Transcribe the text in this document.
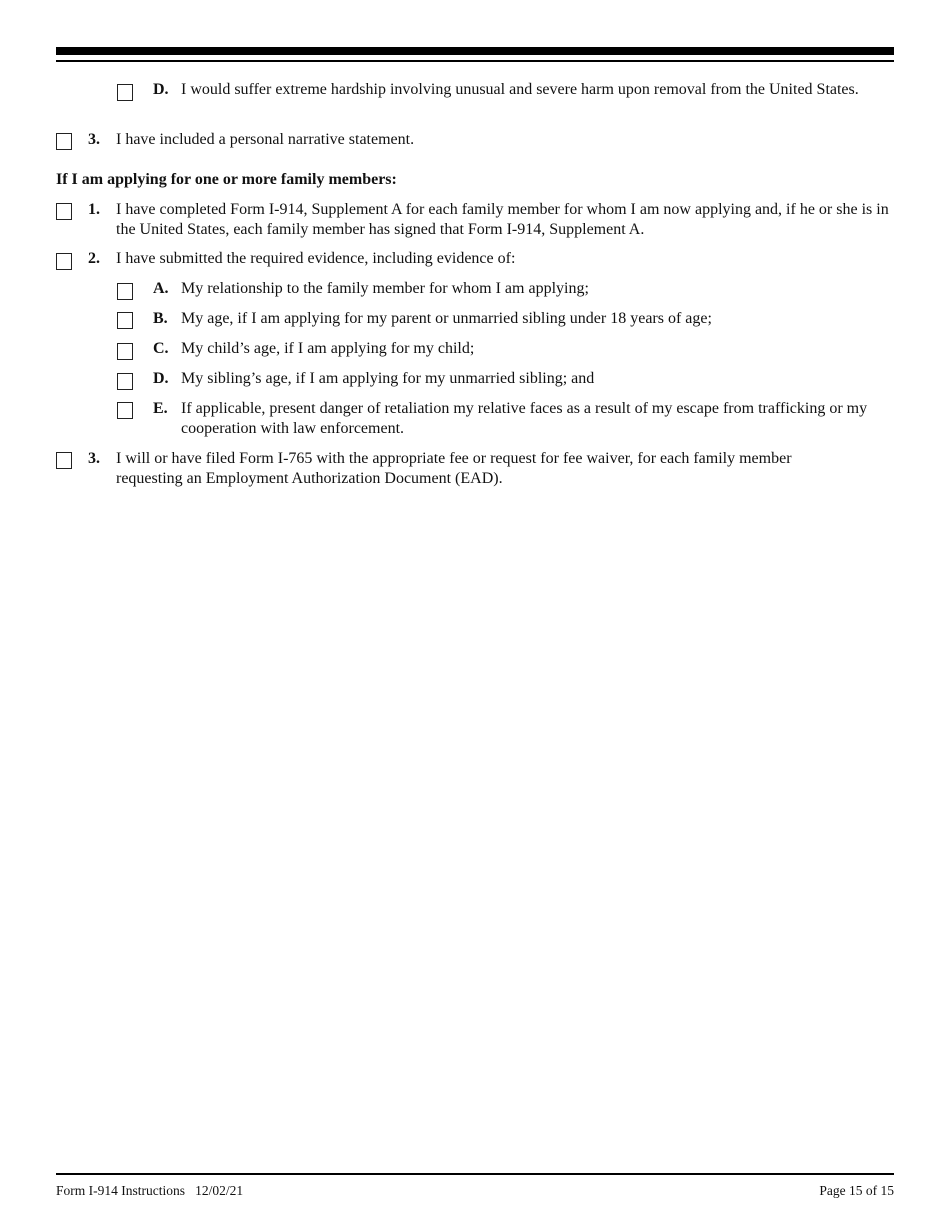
D. I would suffer extreme hardship involving unusual and severe harm upon removal from the United States.
3. I have included a personal narrative statement.
If I am applying for one or more family members:
1. I have completed Form I-914, Supplement A for each family member for whom I am now applying and, if he or she is in the United States, each family member has signed that Form I-914, Supplement A.
2. I have submitted the required evidence, including evidence of:
A. My relationship to the family member for whom I am applying;
B. My age, if I am applying for my parent or unmarried sibling under 18 years of age;
C. My child’s age, if I am applying for my child;
D. My sibling’s age, if I am applying for my unmarried sibling; and
E. If applicable, present danger of retaliation my relative faces as a result of my escape from trafficking or my cooperation with law enforcement.
3. I will or have filed Form I-765 with the appropriate fee or request for fee waiver, for each family member requesting an Employment Authorization Document (EAD).
Form I-914 Instructions   12/02/21	Page 15 of 15
